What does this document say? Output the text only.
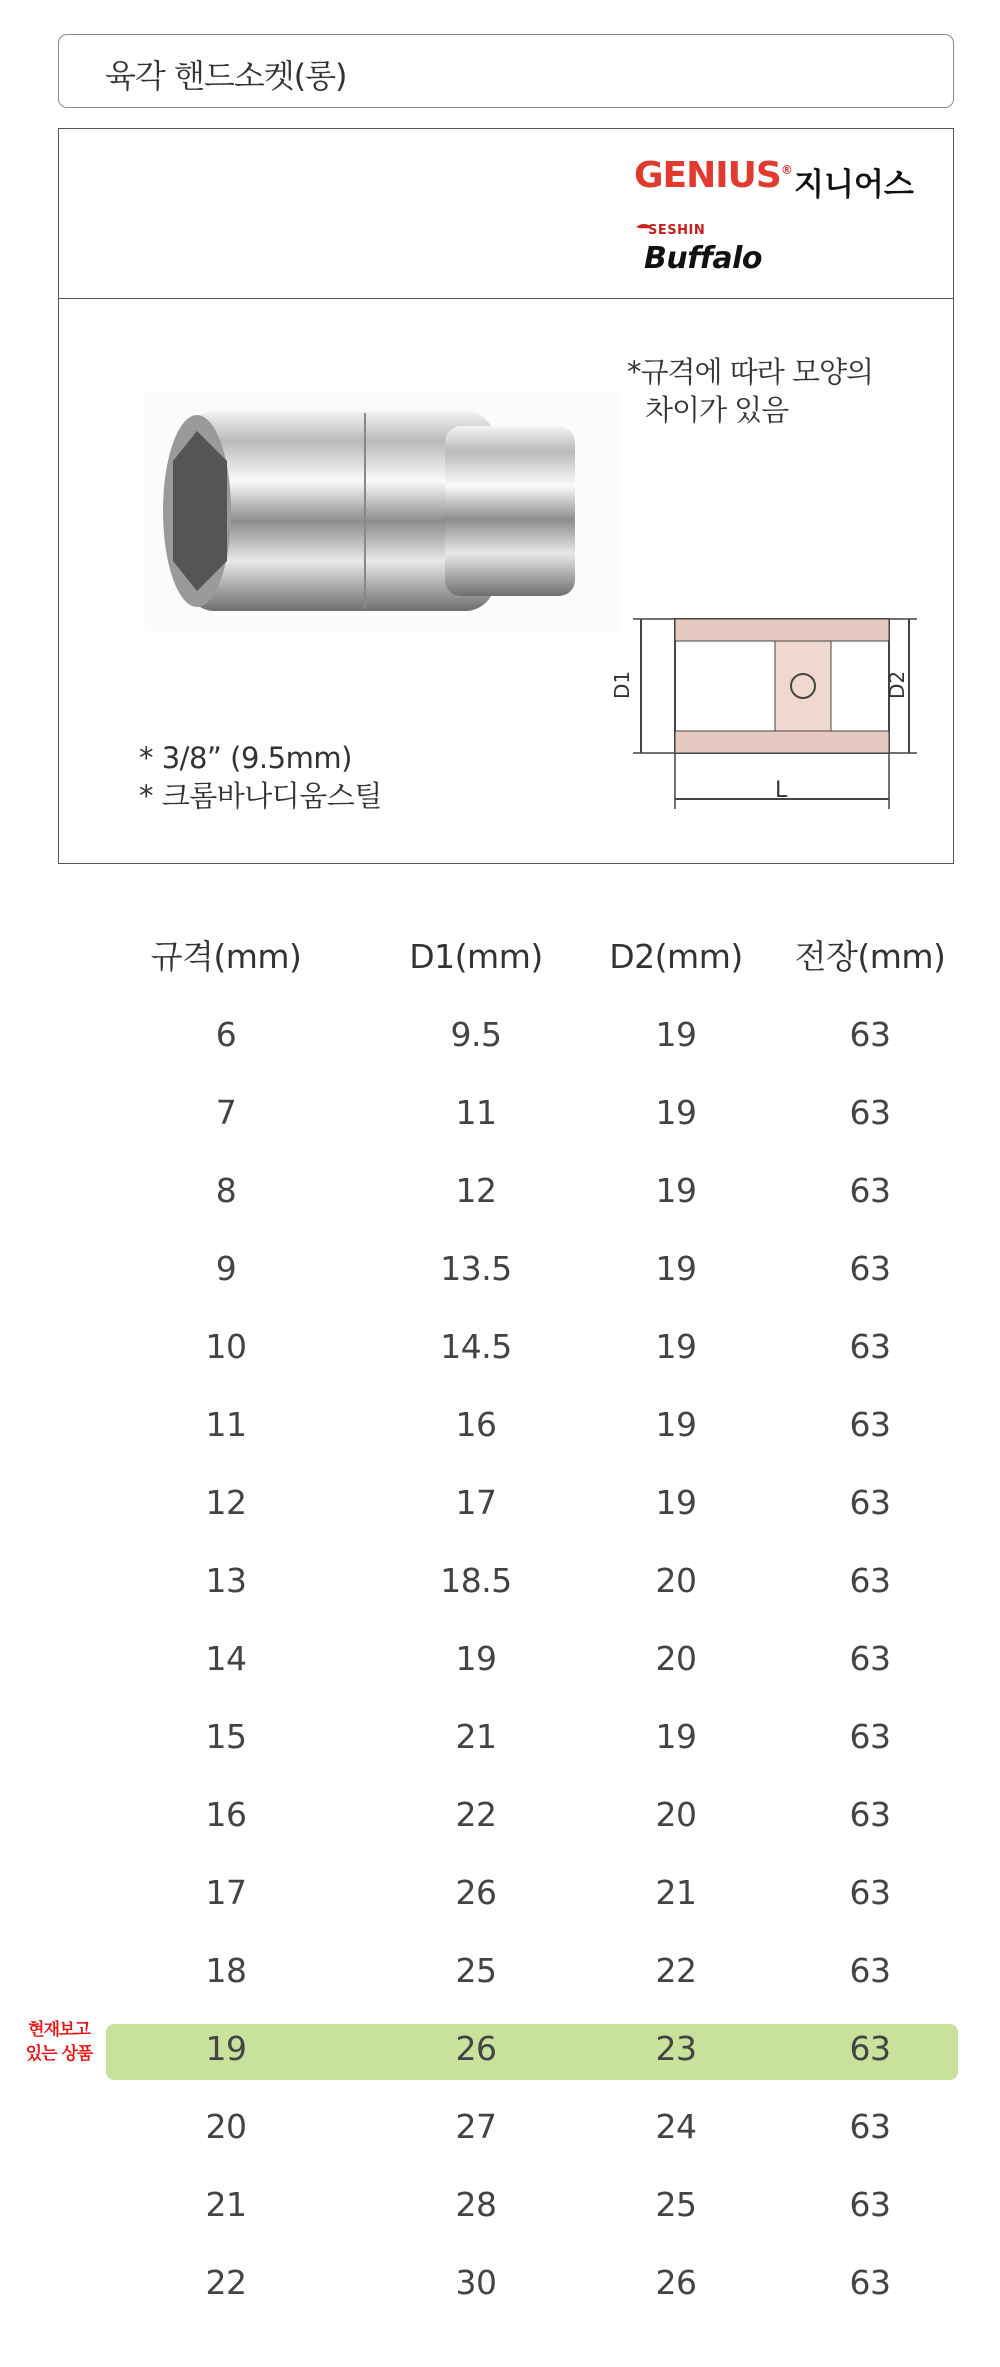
육각 핸드소켓(롱)
GENIUS® 지니어스
SESHIN
Buffalo
*규격에 따라 모양의
차이가 있음
D1	D2
L
* 3/8” (9.5mm)
* 크롬바나디움스틸
규격(mm)	D1(mm)	D2(mm)	전장(mm)
6	9.5	19	63
7	11	19	63
8	12	19	63
9	13.5	19	63
10	14.5	19	63
11	16	19	63
12	17	19	63
13	18.5	20	63
14	19	20	63
15	21	19	63
16	22	20	63
17	26	21	63
18	25	22	63
현재보고
있는 상품	19	26	23	63
20	27	24	63
21	28	25	63
22	30	26	63
